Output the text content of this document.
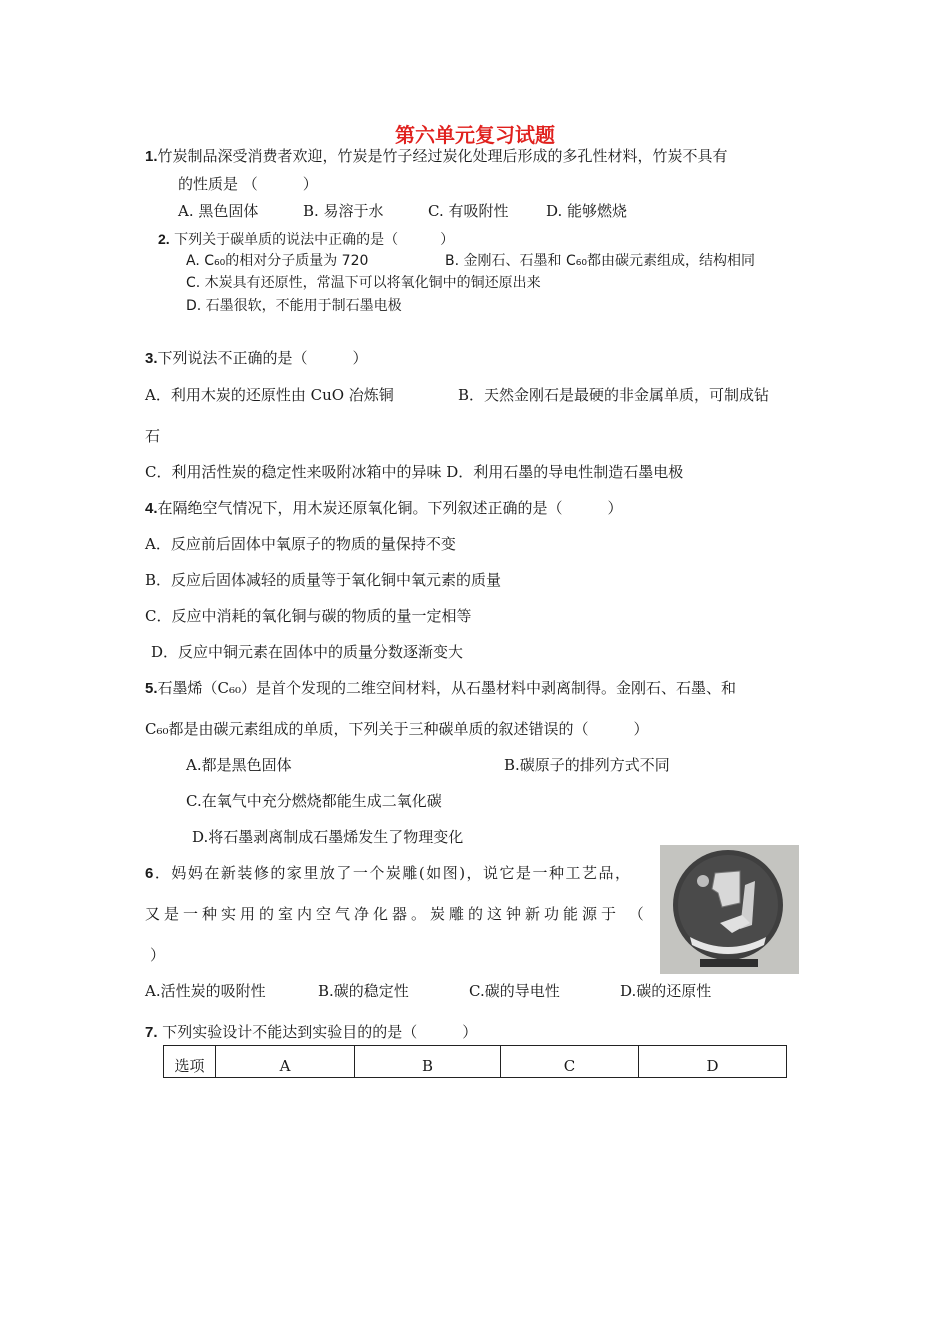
第六单元复习试题
1.竹炭制品深受消费者欢迎，竹炭是竹子经过炭化处理后形成的多孔性材料，竹炭不具有
的性质是 （　　　）
A. 黑色固体	B. 易溶于水	C. 有吸附性	D. 能够燃烧
2. 下列关于碳单质的说法中正确的是（　　　）
A. C₆₀的相对分子质量为 720
C. 木炭具有还原性，常温下可以将氧化铜中的铜还原出来
D. 石墨很软，不能用于制石墨电极
B. 金刚石、石墨和 C₆₀都由碳元素组成，结构相同
3.下列说法不正确的是（　　　）
A．利用木炭的还原性由 CuO 冶炼铜	B．天然金刚石是最硬的非金属单质，可制成钻
石
C．利用活性炭的稳定性来吸附冰箱中的异味 D．利用石墨的导电性制造石墨电极
4.在隔绝空气情况下，用木炭还原氧化铜。下列叙述正确的是（　　　）
A．反应前后固体中氧原子的物质的量保持不变
B．反应后固体减轻的质量等于氧化铜中氧元素的质量
C．反应中消耗的氧化铜与碳的物质的量一定相等
D．反应中铜元素在固体中的质量分数逐渐变大
5.石墨烯（C₆₀）是首个发现的二维空间材料，从石墨材料中剥离制得。金刚石、石墨、和
C₆₀都是由碳元素组成的单质，下列关于三种碳单质的叙述错误的（　　　）
A.都是黑色固体	B.碳原子的排列方式不同
C.在氧气中充分燃烧都能生成二氧化碳
D.将石墨剥离制成石墨烯发生了物理变化
6．妈妈在新装修的家里放了一个炭雕(如图)，说它是一种工艺品，
又是一种实用的室内空气净化器。炭雕的这钟新功能源于 （
）
A.活性炭的吸附性	B.碳的稳定性	C.碳的导电性	D.碳的还原性
7. 下列实验设计不能达到实验目的的是（　　　）
选项	A	B	C	D
